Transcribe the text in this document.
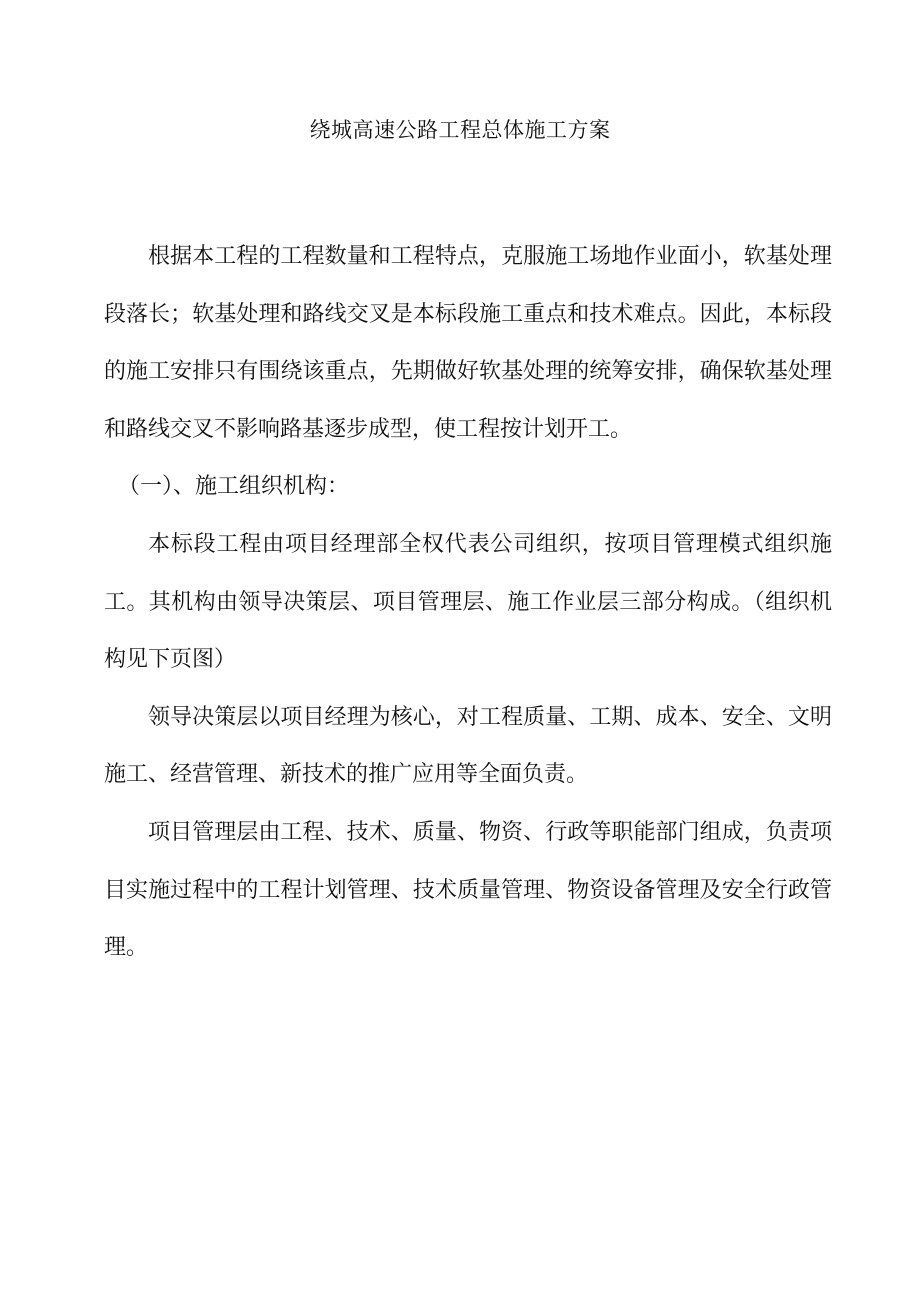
绕城高速公路工程总体施工方案

根据本工程的工程数量和工程特点，克服施工场地作业面小，软基处理段落长；软基处理和路线交叉是本标段施工重点和技术难点。因此，本标段的施工安排只有围绕该重点，先期做好软基处理的统筹安排，确保软基处理和路线交叉不影响路基逐步成型，使工程按计划开工。

（一）、施工组织机构：

本标段工程由项目经理部全权代表公司组织，按项目管理模式组织施工。其机构由领导决策层、项目管理层、施工作业层三部分构成。（组织机构见下页图）

领导决策层以项目经理为核心，对工程质量、工期、成本、安全、文明施工、经营管理、新技术的推广应用等全面负责。

项目管理层由工程、技术、质量、物资、行政等职能部门组成，负责项目实施过程中的工程计划管理、技术质量管理、物资设备管理及安全行政管理。
